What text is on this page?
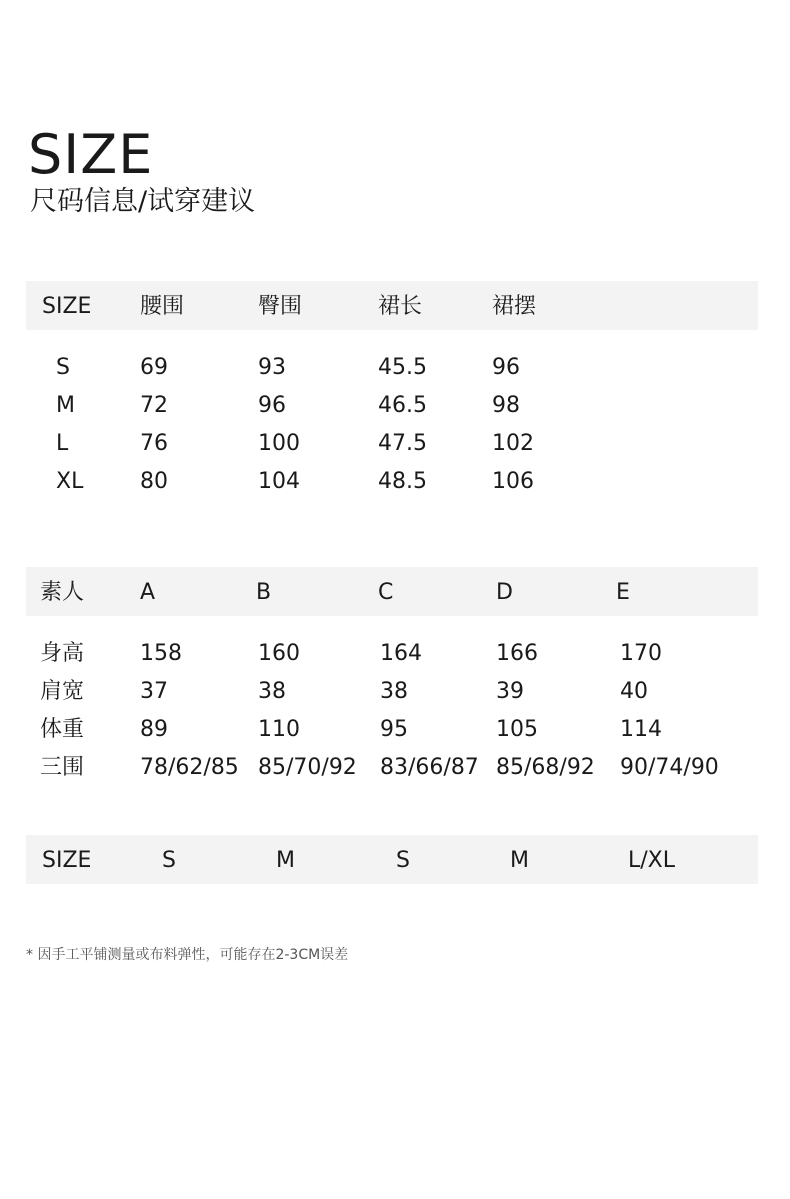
SIZE
尺码信息/试穿建议
SIZE 腰围	臀围	裙长	裙摆
S	69	93	45.5	96
M	72	96	46.5	98
L	76	100	47.5	102
XL	80	104	48.5	106
素人	A	B	C	D	E
身高	158	160	164	166	170
肩宽	37	38	38	39	40
体重	89	110	95	105	114
三围	78/62/85 85/70/92 83/66/87 85/68/92 90/74/90
SIZE	S	M	S	M	L/XL
* 因手工平铺测量或布料弹性，可能存在2-3CM误差
